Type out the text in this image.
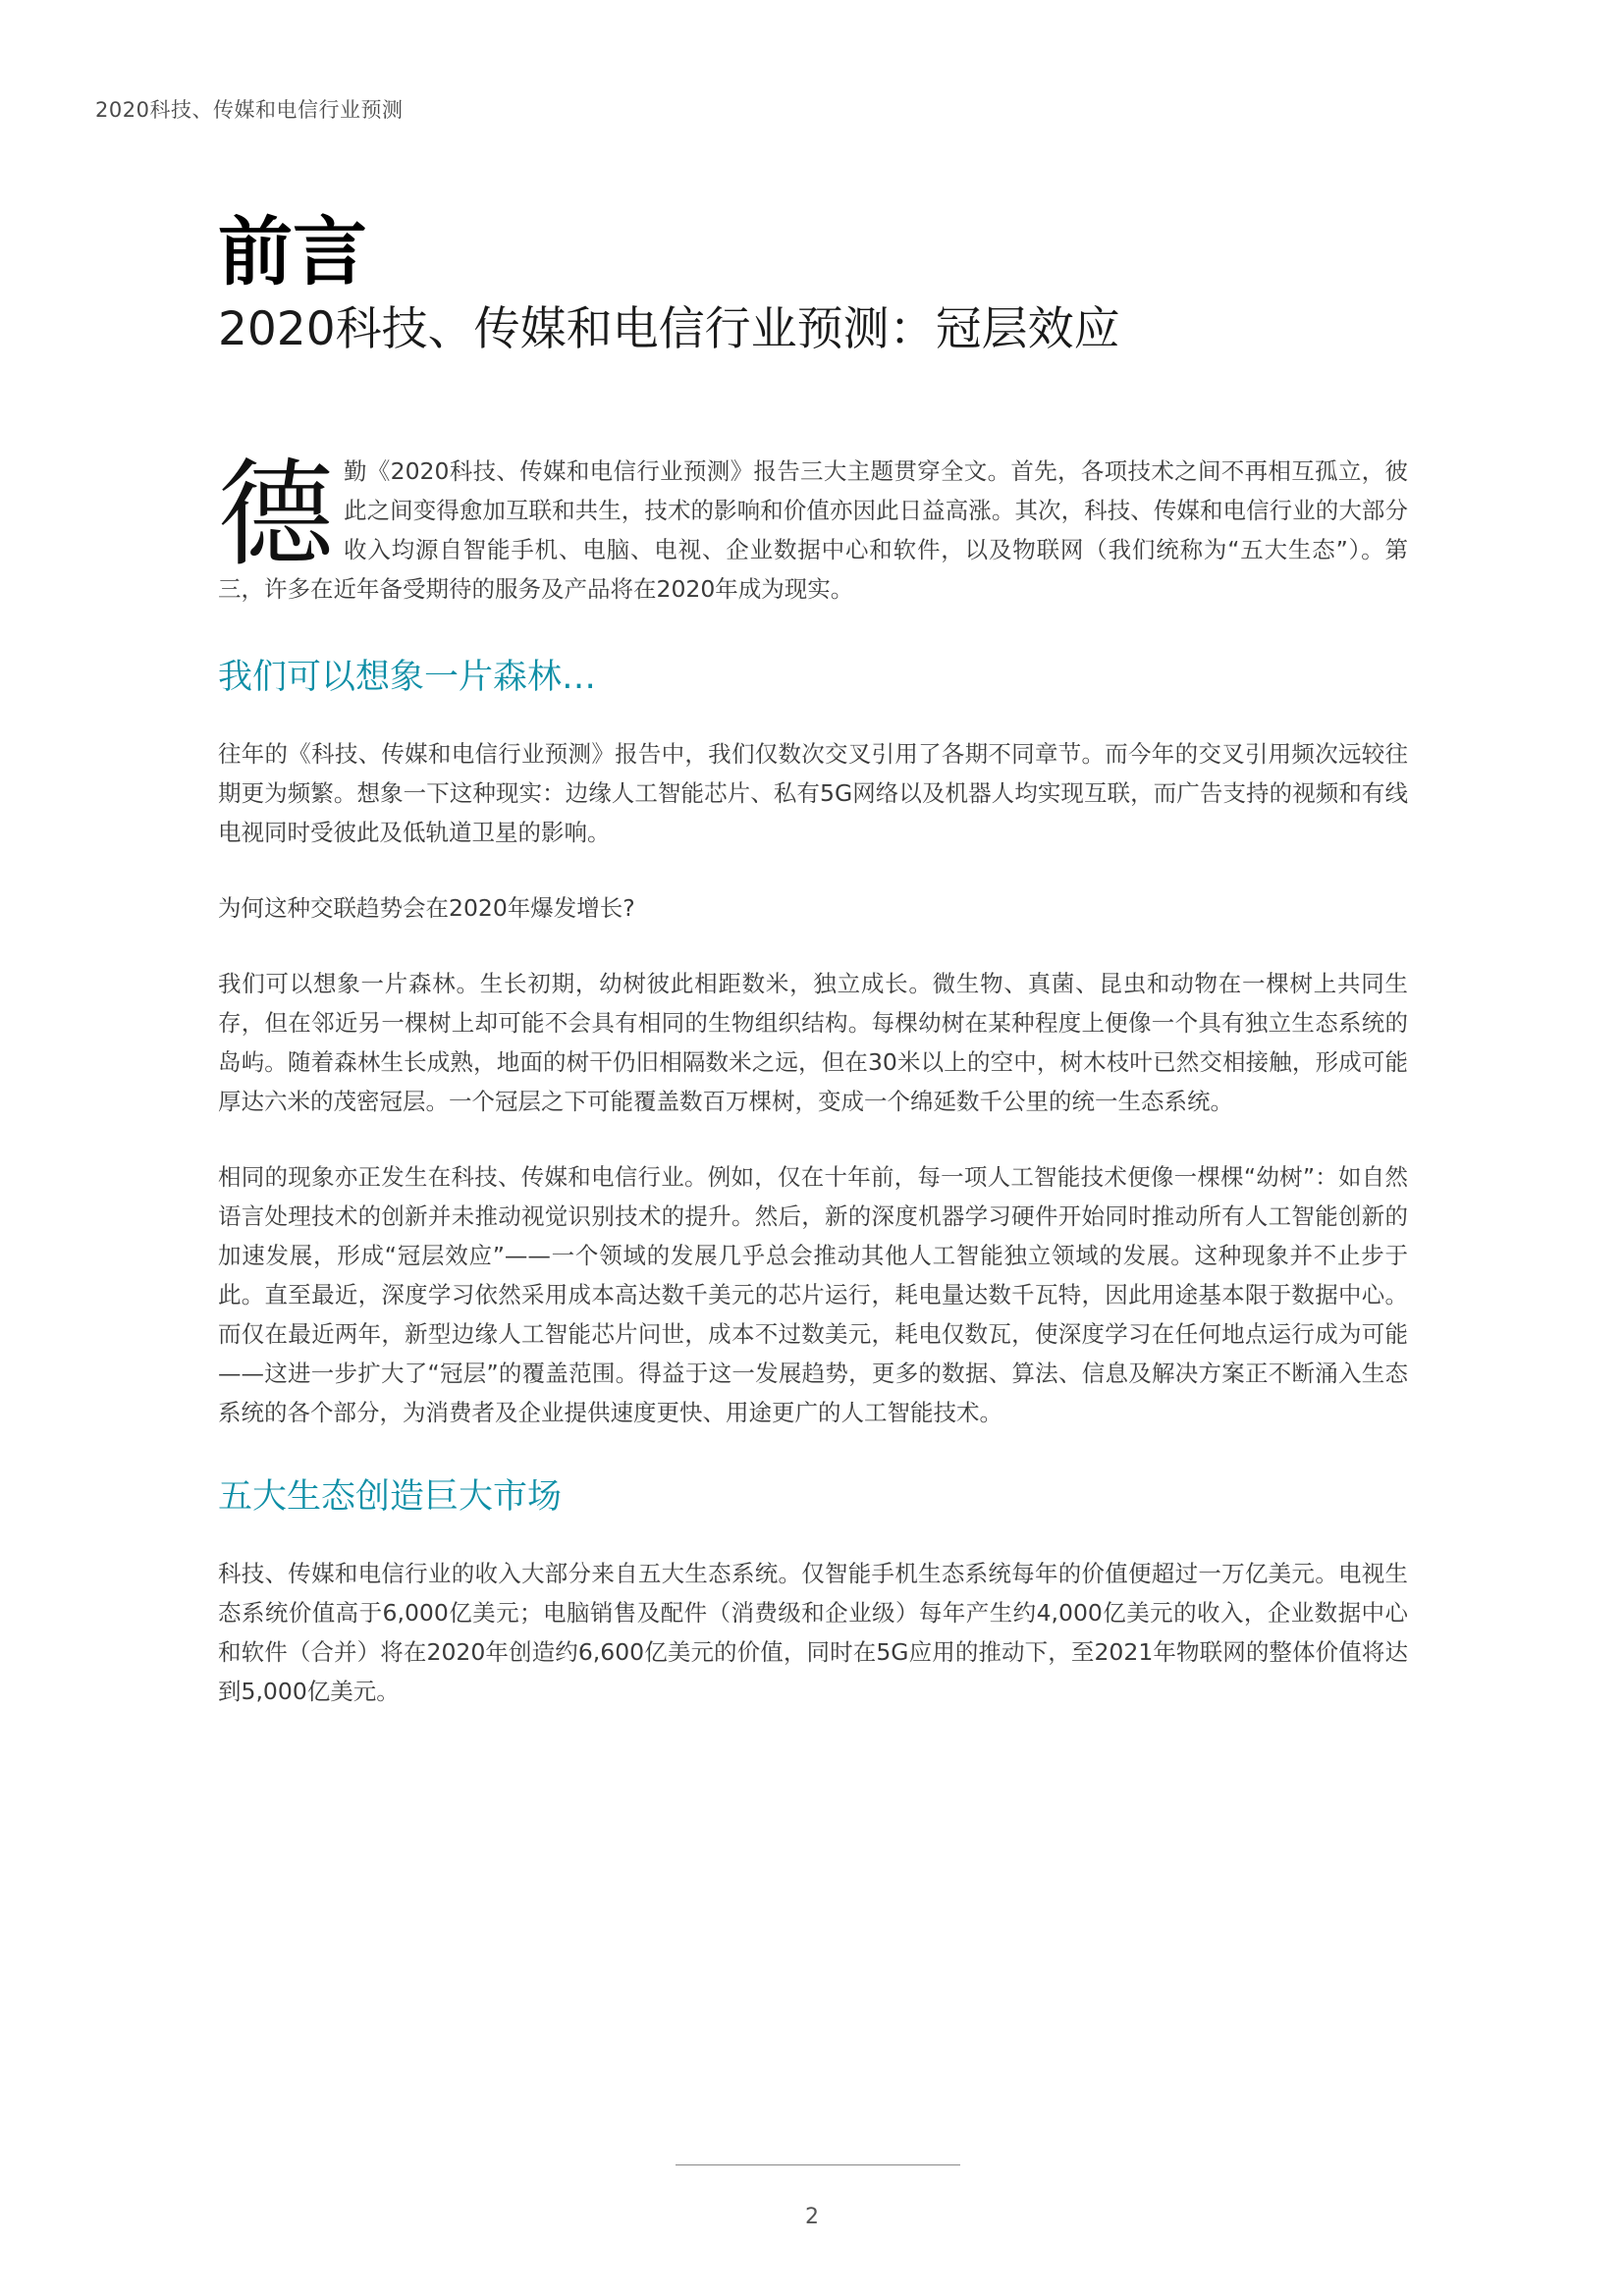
2020科技、传媒和电信行业预测
前言
2020科技、传媒和电信行业预测：冠层效应

德勤《2020科技、传媒和电信行业预测》报告三大主题贯穿全文。首先，各项技术之间不再相互孤立，彼此之间变得愈加互联和共生，技术的影响和价值亦因此日益高涨。其次，科技、传媒和电信行业的大部分收入均源自智能手机、电脑、电视、企业数据中心和软件，以及物联网（我们统称为“五大生态”）。第三，许多在近年备受期待的服务及产品将在2020年成为现实。

我们可以想象一片森林…

往年的《科技、传媒和电信行业预测》报告中，我们仅数次交叉引用了各期不同章节。而今年的交叉引用频次远较往期更为频繁。想象一下这种现实：边缘人工智能芯片、私有5G网络以及机器人均实现互联，而广告支持的视频和有线电视同时受彼此及低轨道卫星的影响。

为何这种交联趋势会在2020年爆发增长?

我们可以想象一片森林。生长初期，幼树彼此相距数米，独立成长。微生物、真菌、昆虫和动物在一棵树上共同生存，但在邻近另一棵树上却可能不会具有相同的生物组织结构。每棵幼树在某种程度上便像一个具有独立生态系统的岛屿。随着森林生长成熟，地面的树干仍旧相隔数米之远，但在30米以上的空中，树木枝叶已然交相接触，形成可能厚达六米的茂密冠层。一个冠层之下可能覆盖数百万棵树，变成一个绵延数千公里的统一生态系统。

相同的现象亦正发生在科技、传媒和电信行业。例如，仅在十年前，每一项人工智能技术便像一棵棵“幼树”：如自然语言处理技术的创新并未推动视觉识别技术的提升。然后，新的深度机器学习硬件开始同时推动所有人工智能创新的加速发展，形成“冠层效应”——一个领域的发展几乎总会推动其他人工智能独立领域的发展。这种现象并不止步于此。直至最近，深度学习依然采用成本高达数千美元的芯片运行，耗电量达数千瓦特，因此用途基本限于数据中心。而仅在最近两年，新型边缘人工智能芯片问世，成本不过数美元，耗电仅数瓦，使深度学习在任何地点运行成为可能——这进一步扩大了“冠层”的覆盖范围。得益于这一发展趋势，更多的数据、算法、信息及解决方案正不断涌入生态系统的各个部分，为消费者及企业提供速度更快、用途更广的人工智能技术。

五大生态创造巨大市场

科技、传媒和电信行业的收入大部分来自五大生态系统。仅智能手机生态系统每年的价值便超过一万亿美元。电视生态系统价值高于6,000亿美元；电脑销售及配件（消费级和企业级）每年产生约4,000亿美元的收入，企业数据中心和软件（合并）将在2020年创造约6,600亿美元的价值，同时在5G应用的推动下，至2021年物联网的整体价值将达到5,000亿美元。

2
